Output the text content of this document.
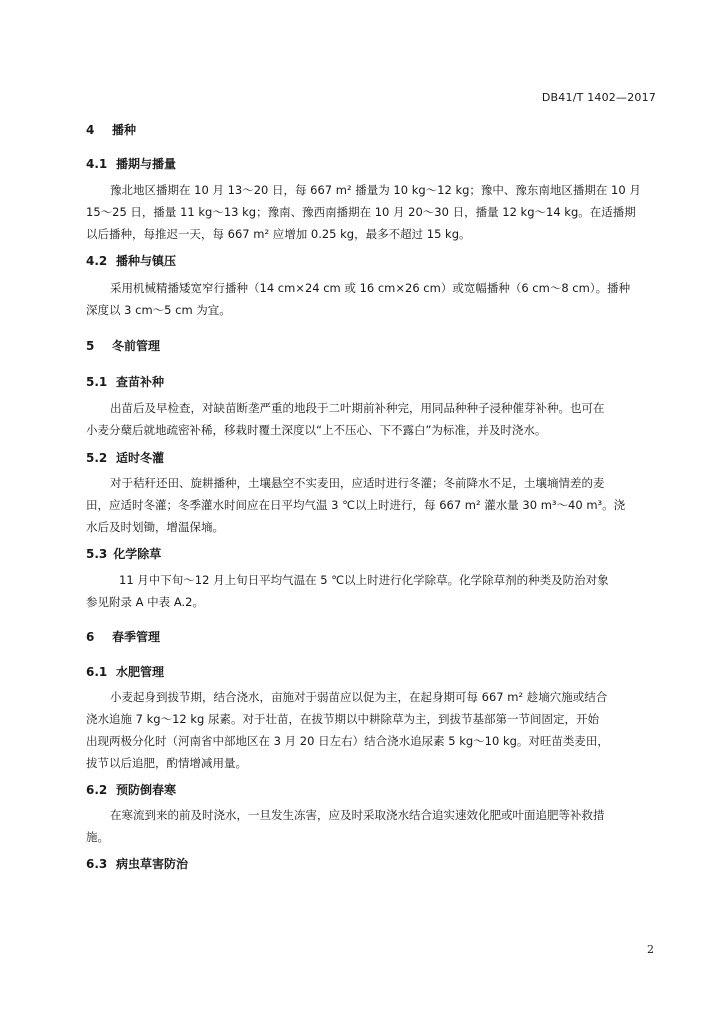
DB41/T 1402—2017
4 播种
4.1 播期与播量
豫北地区播期在 10 月 13～20 日，每 667 m² 播量为 10 kg～12 kg；豫中、豫东南地区播期在 10 月
15～25 日，播量 11 kg～13 kg；豫南、豫西南播期在 10 月 20～30 日，播量 12 kg～14 kg。在适播期
以后播种，每推迟一天，每 667 m² 应增加 0.25 kg，最多不超过 15 kg。
4.2 播种与镇压
采用机械精播矮宽窄行播种（14 cm×24 cm 或 16 cm×26 cm）或宽幅播种（6 cm～8 cm）。播种
深度以 3 cm～5 cm 为宜。
5 冬前管理
5.1 查苗补种
出苗后及早检查，对缺苗断垄严重的地段于二叶期前补种完，用同品种种子浸种催芽补种。也可在
小麦分蘖后就地疏密补稀，移栽时覆土深度以“上不压心、下不露白”为标准，并及时浇水。
5.2 适时冬灌
对于秸秆还田、旋耕播种，土壤悬空不实麦田，应适时进行冬灌；冬前降水不足，土壤墒情差的麦
田，应适时冬灌；冬季灌水时间应在日平均气温 3 ℃以上时进行，每 667 m² 灌水量 30 m³～40 m³。浇
水后及时划锄，增温保墒。
5.3 化学除草
11 月中下旬～12 月上旬日平均气温在 5 ℃以上时进行化学除草。化学除草剂的种类及防治对象
参见附录 A 中表 A.2。
6 春季管理
6.1 水肥管理
小麦起身到拔节期，结合浇水，亩施对于弱苗应以促为主，在起身期可每 667 m² 趁墒穴施或结合
浇水追施 7 kg～12 kg 尿素。对于壮苗，在拔节期以中耕除草为主，到拔节基部第一节间固定，开始
出现两极分化时（河南省中部地区在 3 月 20 日左右）结合浇水追尿素 5 kg～10 kg。对旺苗类麦田，
拔节以后追肥，酌情增减用量。
6.2 预防倒春寒
在寒流到来的前及时浇水，一旦发生冻害，应及时采取浇水结合追实速效化肥或叶面追肥等补救措
施。
6.3 病虫草害防治
2
